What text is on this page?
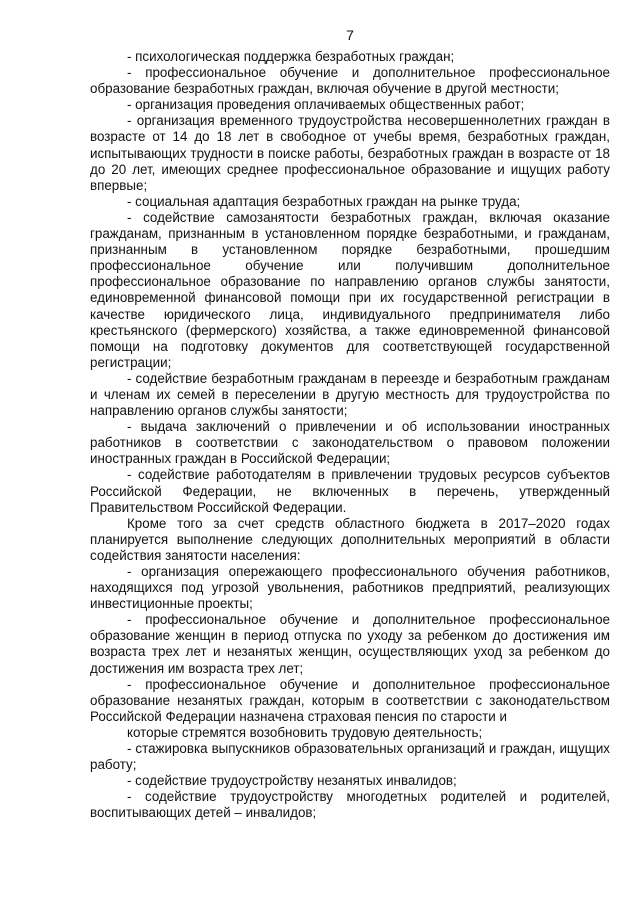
7

- психологическая поддержка безработных граждан;

- профессиональное обучение и дополнительное профессиональное образование безработных граждан, включая обучение в другой местности;

- организация проведения оплачиваемых общественных работ;

- организация временного трудоустройства несовершеннолетних граждан в возрасте от 14 до 18 лет в свободное от учебы время, безработных граждан, испытывающих трудности в поиске работы, безработных граждан в возрасте от 18 до 20 лет, имеющих среднее профессиональное образование и ищущих работу впервые;

- социальная адаптация безработных граждан на рынке труда;

- содействие самозанятости безработных граждан, включая оказание гражданам, признанным в установленном порядке безработными, и гражданам, признанным в установленном порядке безработными, прошедшим профессиональное обучение или получившим дополнительное профессиональное образование по направлению органов службы занятости, единовременной финансовой помощи при их государственной регистрации в качестве юридического лица, индивидуального предпринимателя либо крестьянского (фермерского) хозяйства, а также единовременной финансовой помощи на подготовку документов для соответствующей государственной регистрации;

- содействие безработным гражданам в переезде и безработным гражданам и членам их семей в переселении в другую местность для трудоустройства по направлению органов службы занятости;

- выдача заключений о привлечении и об использовании иностранных работников в соответствии с законодательством о правовом положении иностранных граждан в Российской Федерации;

- содействие работодателям в привлечении трудовых ресурсов субъектов Российской Федерации, не включенных в перечень, утвержденный Правительством Российской Федерации.

Кроме того за счет средств областного бюджета в 2017–2020 годах планируется выполнение следующих дополнительных мероприятий в области содействия занятости населения:

- организация опережающего профессионального обучения работников, находящихся под угрозой увольнения, работников предприятий, реализующих инвестиционные проекты;

- профессиональное обучение и дополнительное профессиональное образование женщин в период отпуска по уходу за ребенком до достижения им возраста трех лет и незанятых женщин, осуществляющих уход за ребенком до достижения им возраста трех лет;

- профессиональное обучение и дополнительное профессиональное образование незанятых граждан, которым в соответствии с законодательством Российской Федерации назначена страховая пенсия по старости и

которые стремятся возобновить трудовую деятельность;

- стажировка выпускников образовательных организаций и граждан, ищущих работу;

- содействие трудоустройству незанятых инвалидов;

- содействие трудоустройству многодетных родителей и родителей, воспитывающих детей – инвалидов;
